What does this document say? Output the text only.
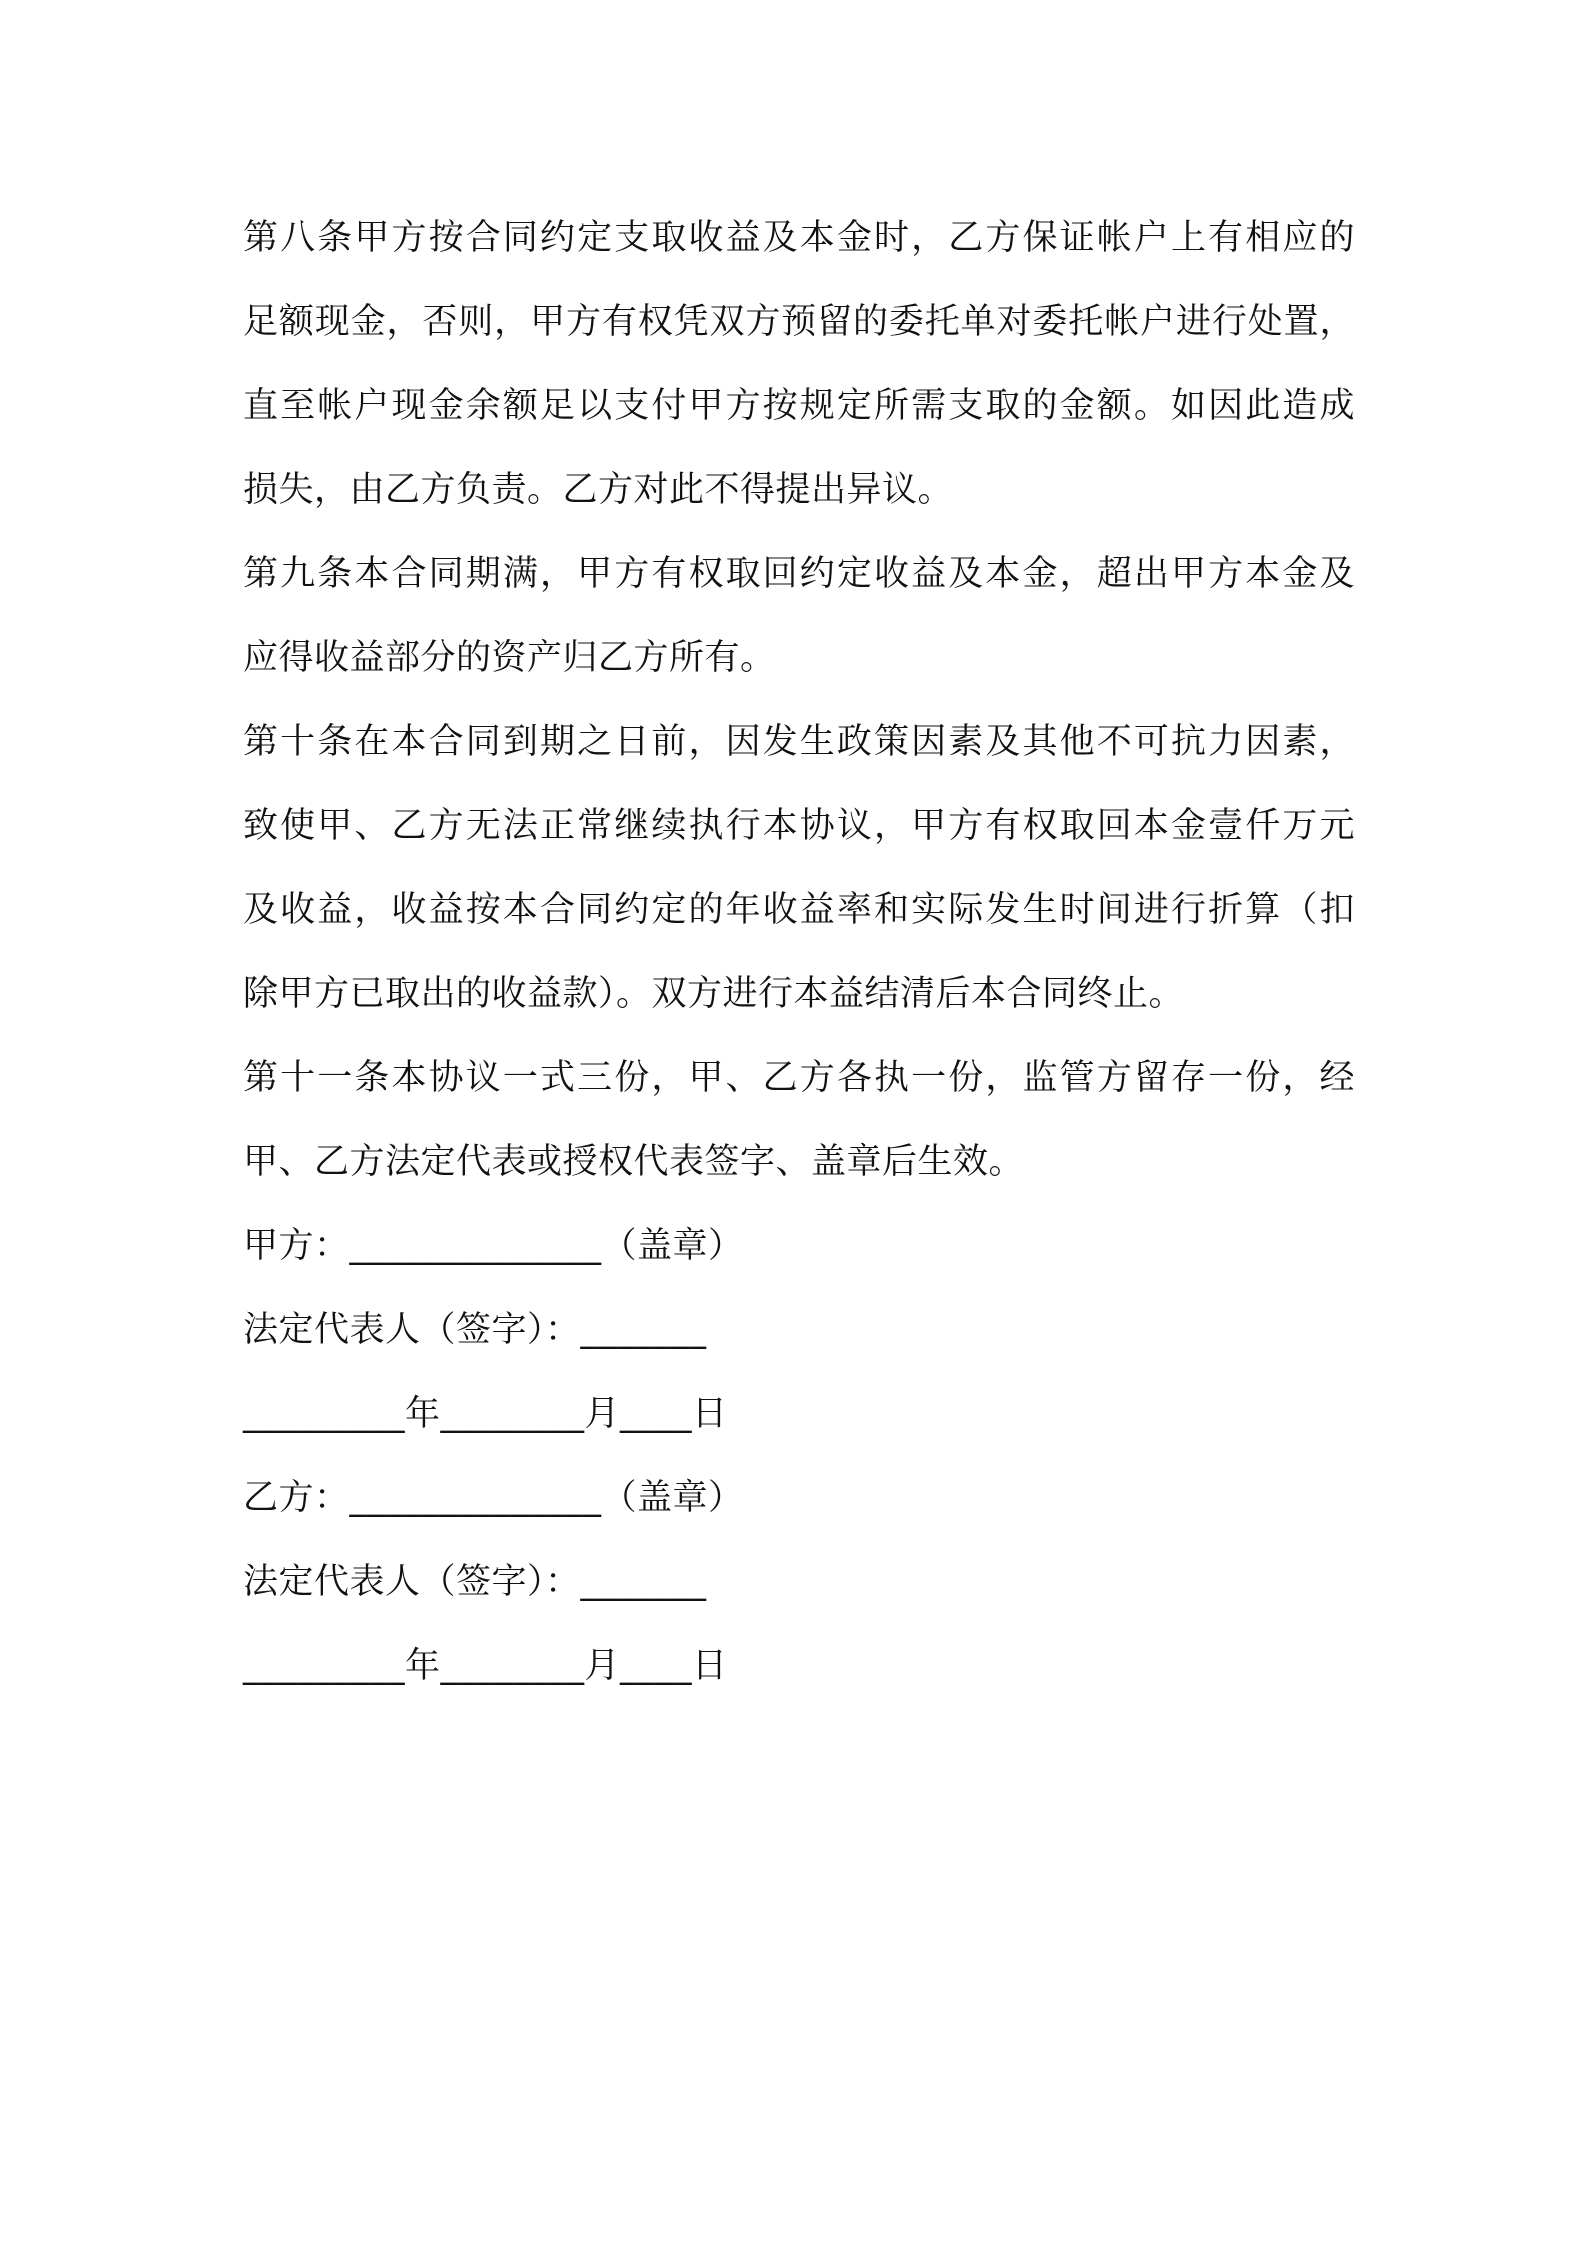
第八条甲方按合同约定支取收益及本金时，乙方保证帐户上有相应的
足额现金，否则，甲方有权凭双方预留的委托单对委托帐户进行处置，
直至帐户现金余额足以支付甲方按规定所需支取的金额。如因此造成
损失，由乙方负责。乙方对此不得提出异议。
第九条本合同期满，甲方有权取回约定收益及本金，超出甲方本金及
应得收益部分的资产归乙方所有。
第十条在本合同到期之日前，因发生政策因素及其他不可抗力因素，
致使甲、乙方无法正常继续执行本协议，甲方有权取回本金壹仟万元
及收益，收益按本合同约定的年收益率和实际发生时间进行折算（扣
除甲方已取出的收益款）。双方进行本益结清后本合同终止。
第十一条本协议一式三份，甲、乙方各执一份，监管方留存一份，经
甲、乙方法定代表或授权代表签字、盖章后生效。
甲方：______________（盖章）
法定代表人（签字）：_______
_________年________月____日
乙方：______________（盖章）
法定代表人（签字）：_______
_________年________月____日
